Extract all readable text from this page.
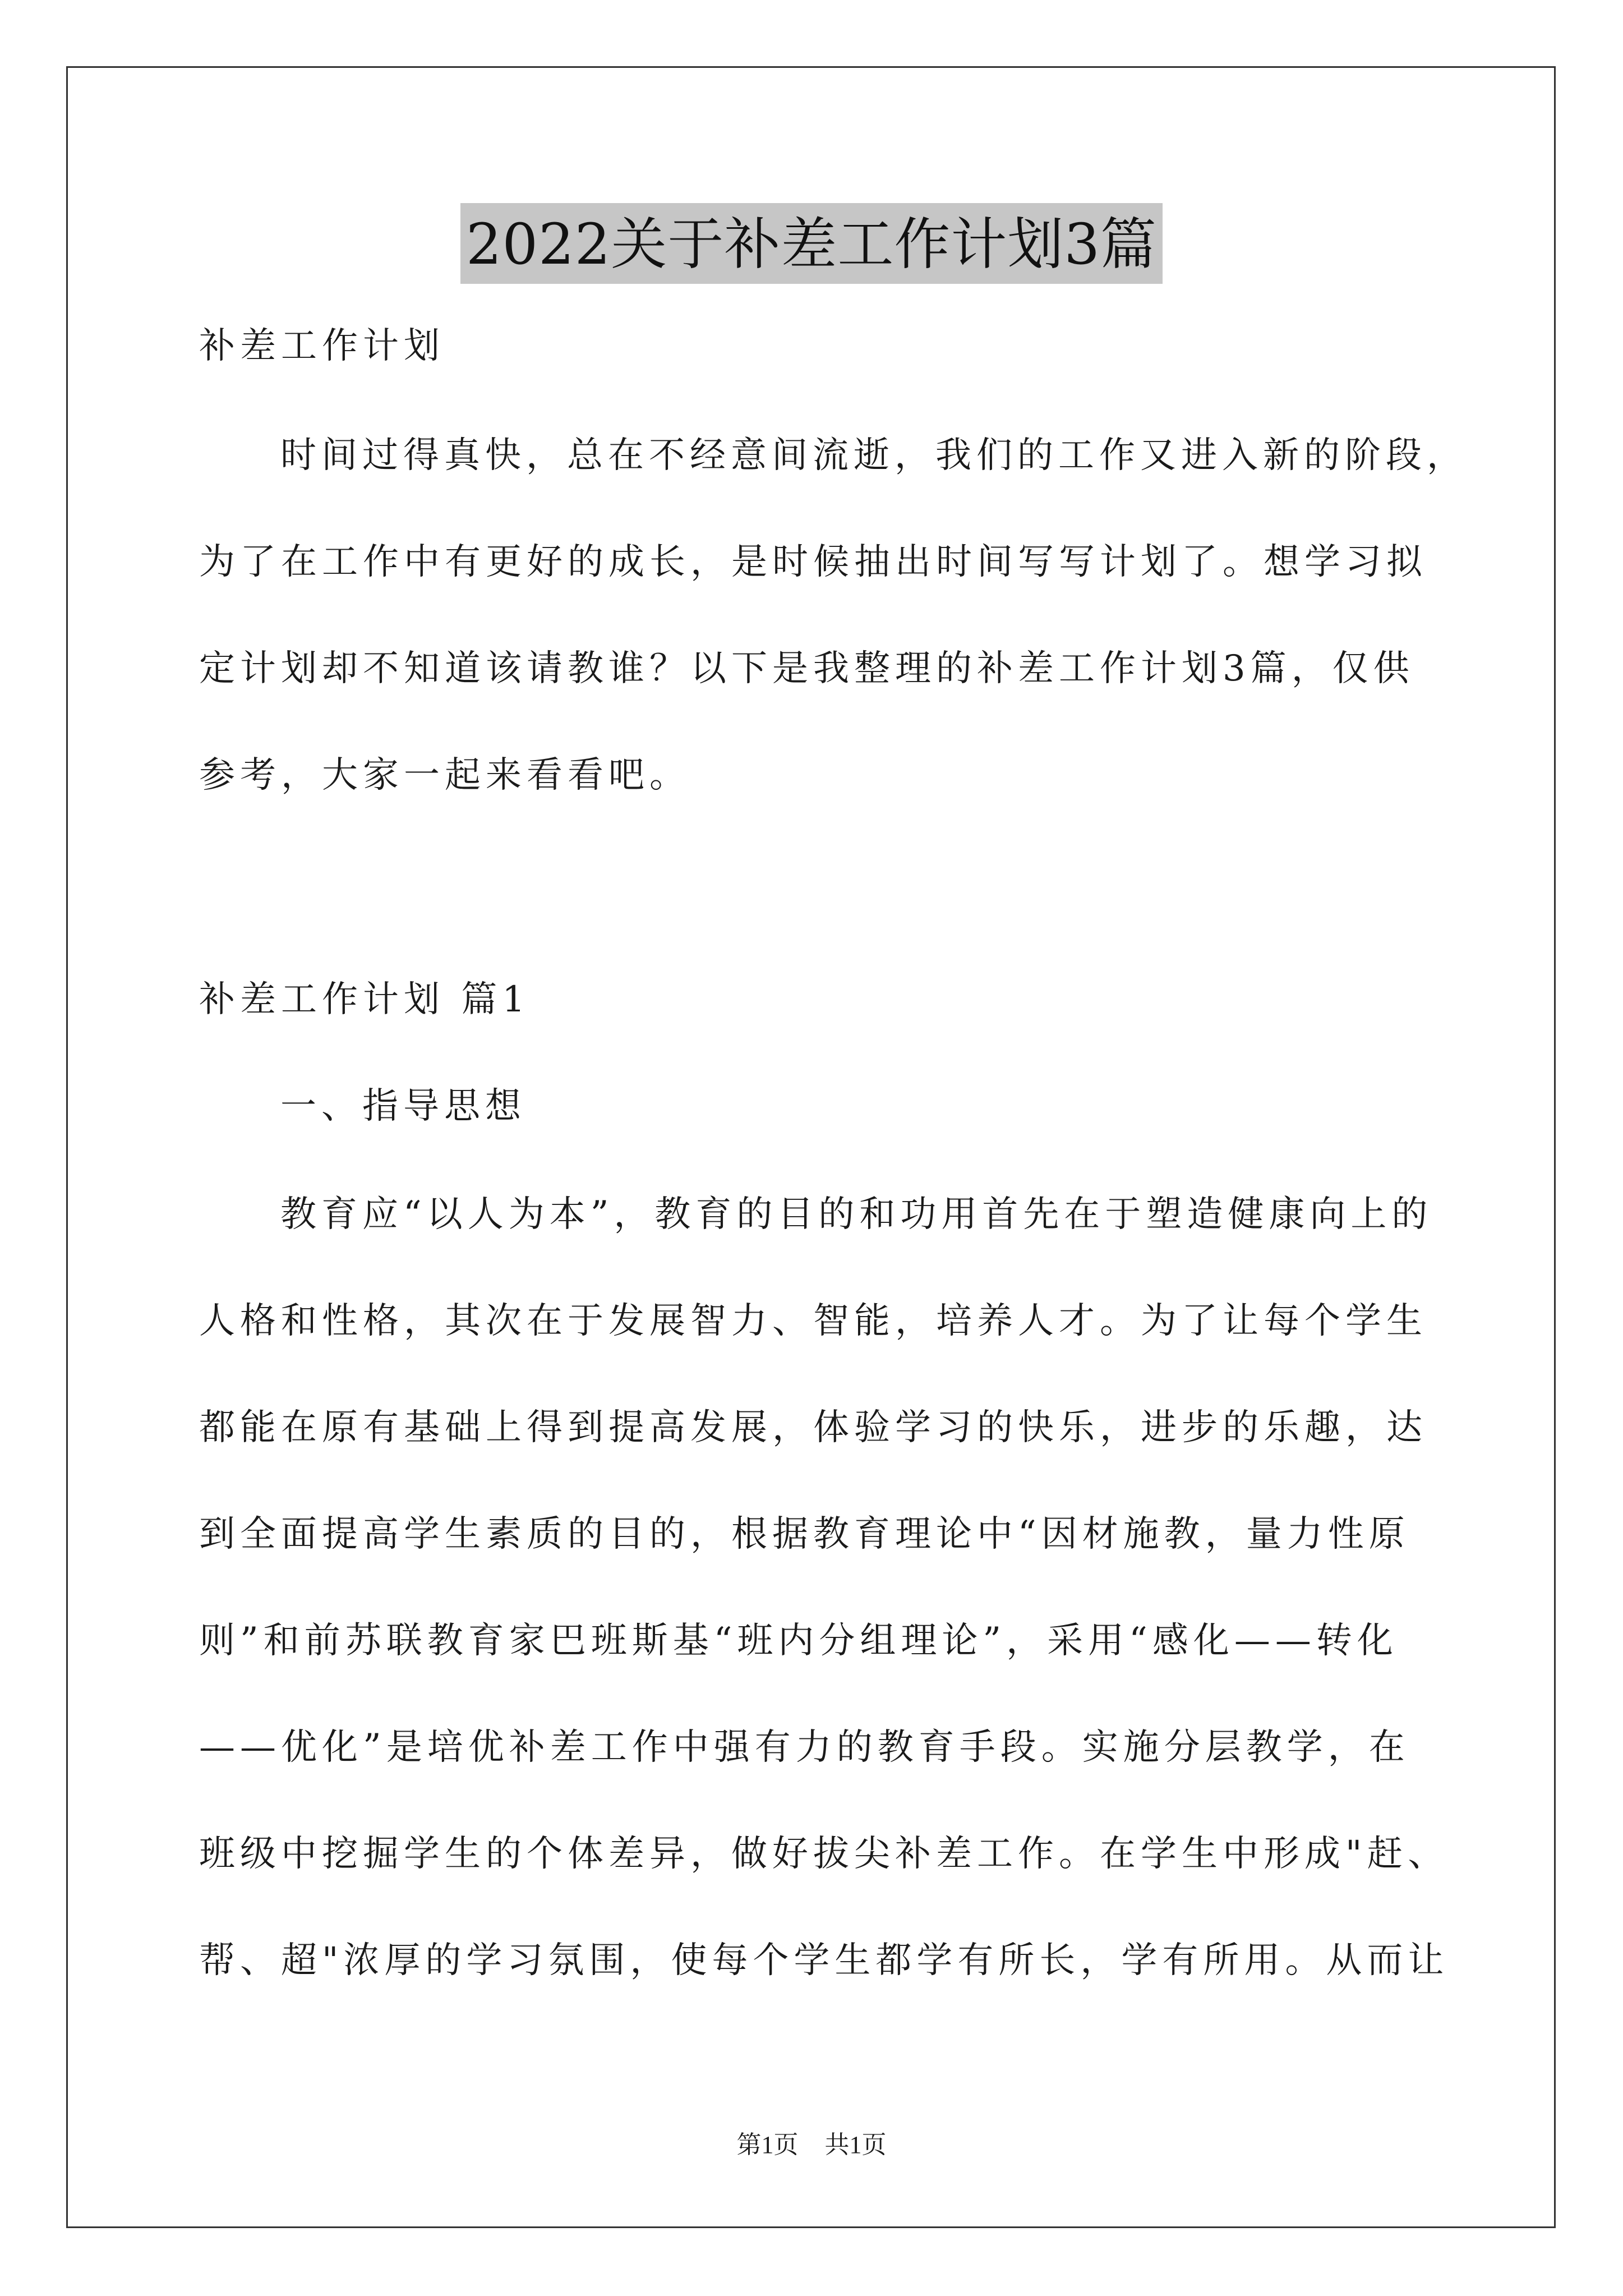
2022关于补差工作计划3篇
补差工作计划
时间过得真快，总在不经意间流逝，我们的工作又进入新的阶段，
为了在工作中有更好的成长，是时候抽出时间写写计划了。想学习拟
定计划却不知道该请教谁？以下是我整理的补差工作计划3篇，仅供
参考，大家一起来看看吧。
补差工作计划 篇1
一、指导思想
教育应“以人为本”，教育的目的和功用首先在于塑造健康向上的
人格和性格，其次在于发展智力、智能，培养人才。为了让每个学生
都能在原有基础上得到提高发展，体验学习的快乐，进步的乐趣，达
到全面提高学生素质的目的，根据教育理论中“因材施教，量力性原
则”和前苏联教育家巴班斯基“班内分组理论”，采用“感化——转化
——优化”是培优补差工作中强有力的教育手段。实施分层教学，在
班级中挖掘学生的个体差异，做好拔尖补差工作。在学生中形成"赶、
帮、超"浓厚的学习氛围，使每个学生都学有所长，学有所用。从而让
第1页 共1页
